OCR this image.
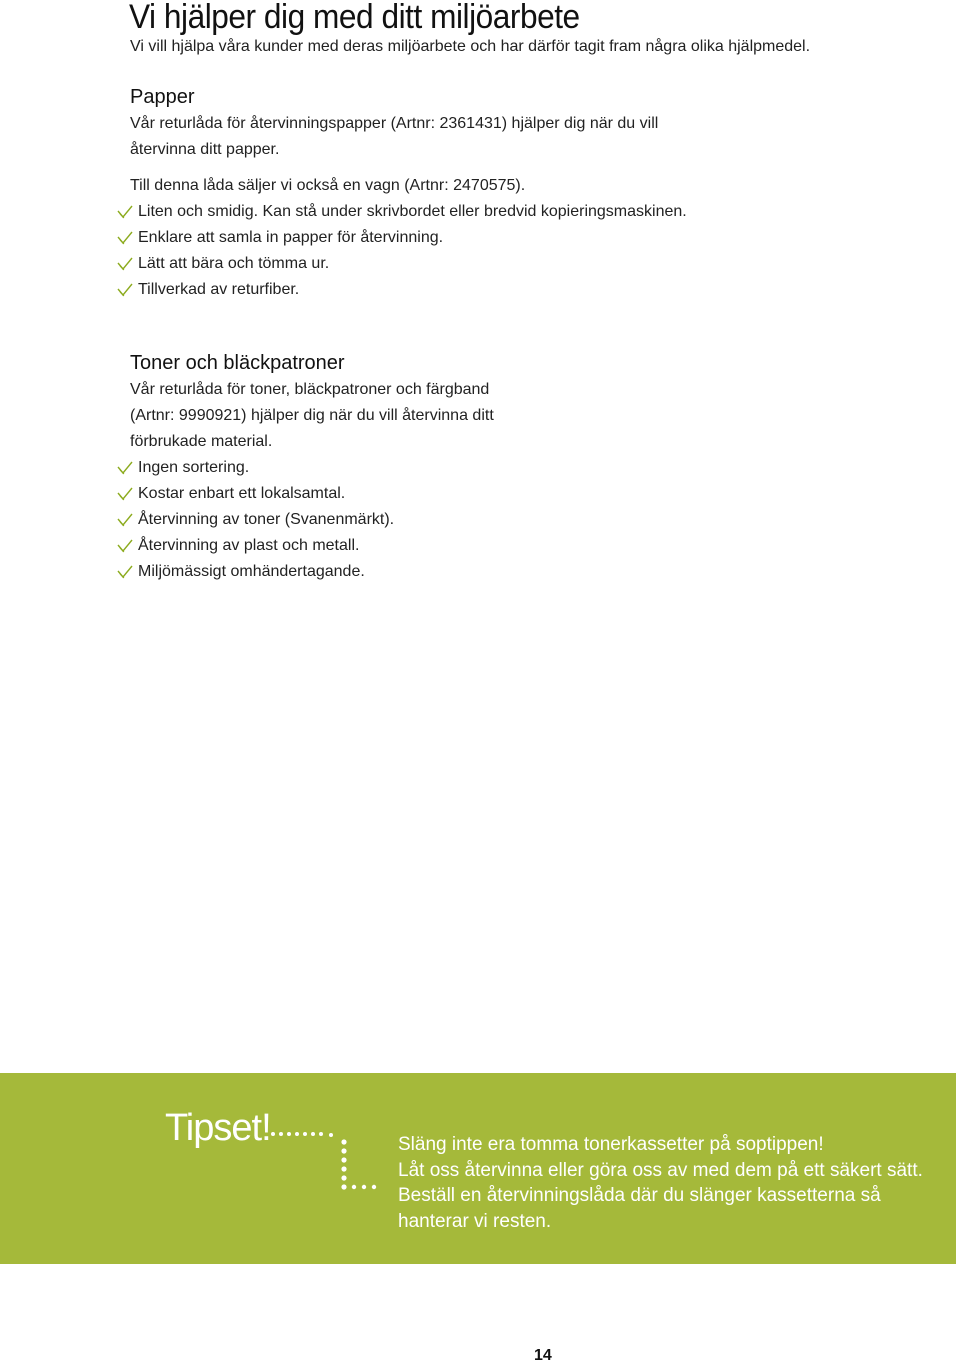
Vi hjälper dig med ditt miljöarbete
Vi vill hjälpa våra kunder med deras miljöarbete och har därför tagit fram några olika hjälpmedel.
Papper

Vår returlåda för återvinningspapper (Artnr: 2361431) hjälper dig när du vill
återvinna ditt papper.

Till denna låda säljer vi också en vagn (Artnr: 2470575).

Liten och smidig. Kan stå under skrivbordet eller bredvid kopieringsmaskinen.
Enklare att samla in papper för återvinning.
Lätt att bära och tömma ur.
Tillverkad av returfiber.
Toner och bläckpatroner

Vår returlåda för toner, bläckpatroner och färgband
(Artnr: 9990921) hjälper dig när du vill återvinna ditt
förbrukade material.

Ingen sortering.
Kostar enbart ett lokalsamtal.
Återvinning av toner (Svanenmärkt).
Återvinning av plast och metall.
Miljömässigt omhändertagande.
Tipset!	Släng inte era tomma tonerkassetter på soptippen!
Låt oss återvinna eller göra oss av med dem på ett säkert sätt.
Beställ en återvinningslåda där du slänger kassetterna så
hanterar vi resten.
14
